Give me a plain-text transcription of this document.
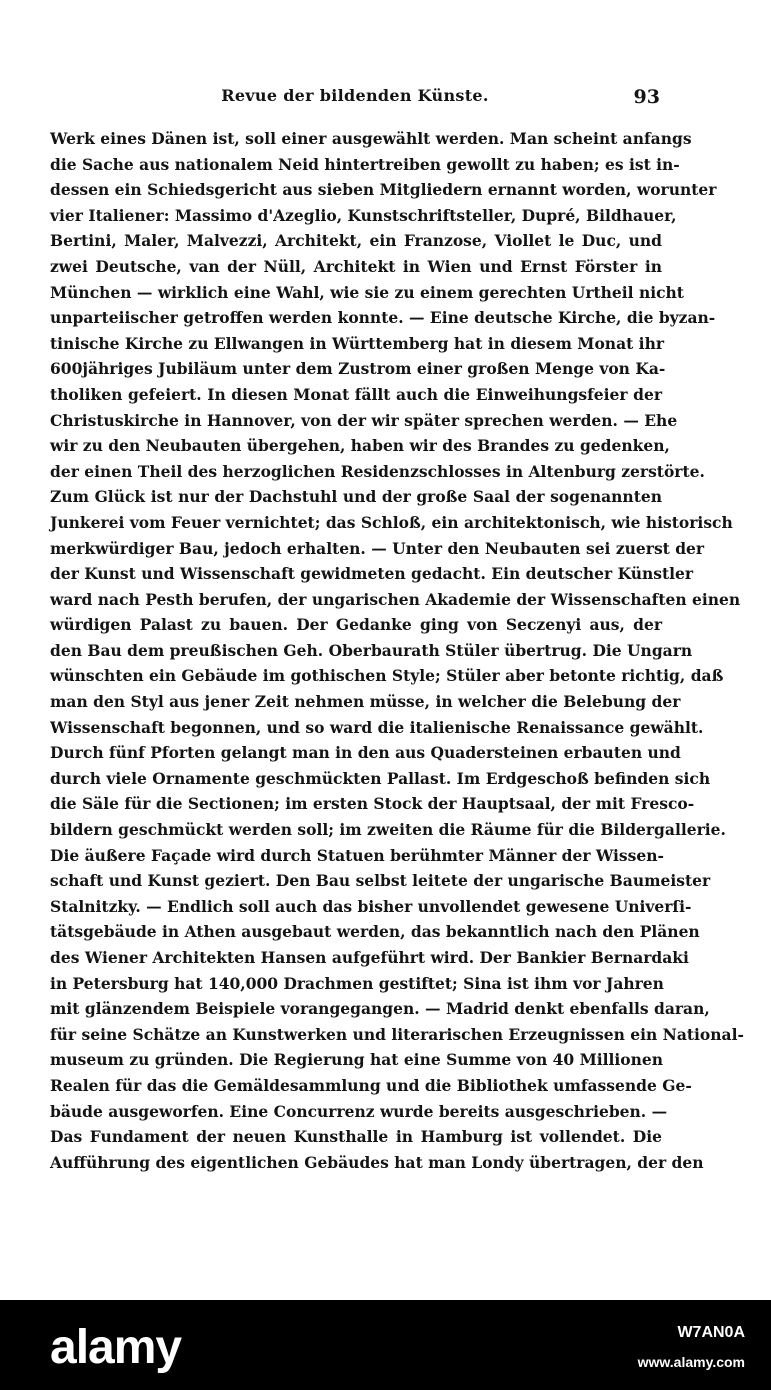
Revue der bildenden Künste.	93
Werk eines Dänen ist, soll einer ausgewählt werden. Man scheint anfangs
die Sache aus nationalem Neid hintertreiben gewollt zu haben; es ist in-
dessen ein Schiedsgericht aus sieben Mitgliedern ernannt worden, worunter
vier Italiener: Massimo d'Azeglio, Kunstschriftsteller, Dupré, Bildhauer,
Bertini, Maler, Malvezzi, Architekt, ein Franzose, Viollet le Duc, und
zwei Deutsche, van der Nüll, Architekt in Wien und Ernst Förster in
München — wirklich eine Wahl, wie sie zu einem gerechten Urtheil nicht
unparteiischer getroffen werden konnte. — Eine deutsche Kirche, die byzan-
tinische Kirche zu Ellwangen in Württemberg hat in diesem Monat ihr
600jähriges Jubiläum unter dem Zustrom einer großen Menge von Ka-
tholiken gefeiert. In diesen Monat fällt auch die Einweihungsfeier der
Christuskirche in Hannover, von der wir später sprechen werden. — Ehe
wir zu den Neubauten übergehen, haben wir des Brandes zu gedenken,
der einen Theil des herzoglichen Residenzschlosses in Altenburg zerstörte.
Zum Glück ist nur der Dachstuhl und der große Saal der sogenannten
Junkerei vom Feuer vernichtet; das Schloß, ein architektonisch, wie historisch
merkwürdiger Bau, jedoch erhalten. — Unter den Neubauten sei zuerst der
der Kunst und Wissenschaft gewidmeten gedacht. Ein deutscher Künstler
ward nach Pesth berufen, der ungarischen Akademie der Wissenschaften einen
würdigen Palast zu bauen. Der Gedanke ging von Seczenyi aus, der
den Bau dem preußischen Geh. Oberbaurath Stüler übertrug. Die Ungarn
wünschten ein Gebäude im gothischen Style; Stüler aber betonte richtig, daß
man den Styl aus jener Zeit nehmen müsse, in welcher die Belebung der
Wissenschaft begonnen, und so ward die italienische Renaissance gewählt.
Durch fünf Pforten gelangt man in den aus Quadersteinen erbauten und
durch viele Ornamente geschmückten Pallast. Im Erdgeschoß befinden sich
die Säle für die Sectionen; im ersten Stock der Hauptsaal, der mit Fresco-
bildern geschmückt werden soll; im zweiten die Räume für die Bildergallerie.
Die äußere Façade wird durch Statuen berühmter Männer der Wissen-
schaft und Kunst geziert. Den Bau selbst leitete der ungarische Baumeister
Stalnitzky. — Endlich soll auch das bisher unvollendet gewesene Univerſi-
tätsgebäude in Athen ausgebaut werden, das bekanntlich nach den Plänen
des Wiener Architekten Hansen aufgeführt wird. Der Bankier Bernardaki
in Petersburg hat 140,000 Drachmen gestiftet; Sina ist ihm vor Jahren
mit glänzendem Beispiele vorangegangen. — Madrid denkt ebenfalls daran,
für seine Schätze an Kunstwerken und literarischen Erzeugnissen ein National-
museum zu gründen. Die Regierung hat eine Summe von 40 Millionen
Realen für das die Gemäldesammlung und die Bibliothek umfassende Ge-
bäude ausgeworfen. Eine Concurrenz wurde bereits ausgeschrieben. —
Das Fundament der neuen Kunsthalle in Hamburg ist vollendet. Die
Aufführung des eigentlichen Gebäudes hat man Londy übertragen, der den
alamy	W7AN0A
www.alamy.com
